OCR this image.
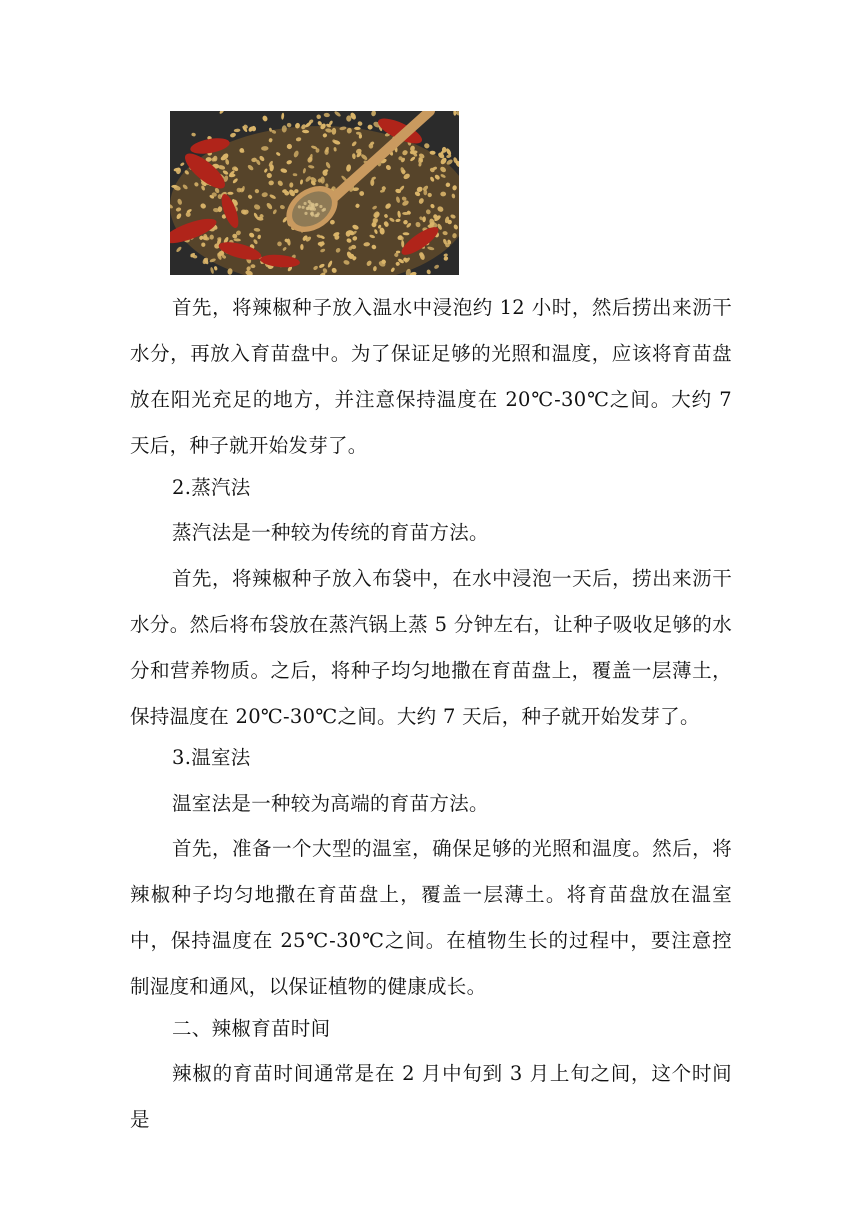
首先，将辣椒种子放入温水中浸泡约 12 小时，然后捞出来沥干水分，再放入育苗盘中。为了保证足够的光照和温度，应该将育苗盘放在阳光充足的地方，并注意保持温度在 20℃-30℃之间。大约 7 天后，种子就开始发芽了。

2.蒸汽法

蒸汽法是一种较为传统的育苗方法。

首先，将辣椒种子放入布袋中，在水中浸泡一天后，捞出来沥干水分。然后将布袋放在蒸汽锅上蒸 5 分钟左右，让种子吸收足够的水分和营养物质。之后，将种子均匀地撒在育苗盘上，覆盖一层薄土，保持温度在 20℃-30℃之间。大约 7 天后，种子就开始发芽了。

3.温室法

温室法是一种较为高端的育苗方法。

首先，准备一个大型的温室，确保足够的光照和温度。然后，将辣椒种子均匀地撒在育苗盘上，覆盖一层薄土。将育苗盘放在温室中，保持温度在 25℃-30℃之间。在植物生长的过程中，要注意控制湿度和通风，以保证植物的健康成长。

二、辣椒育苗时间

辣椒的育苗时间通常是在 2 月中旬到 3 月上旬之间，这个时间是
